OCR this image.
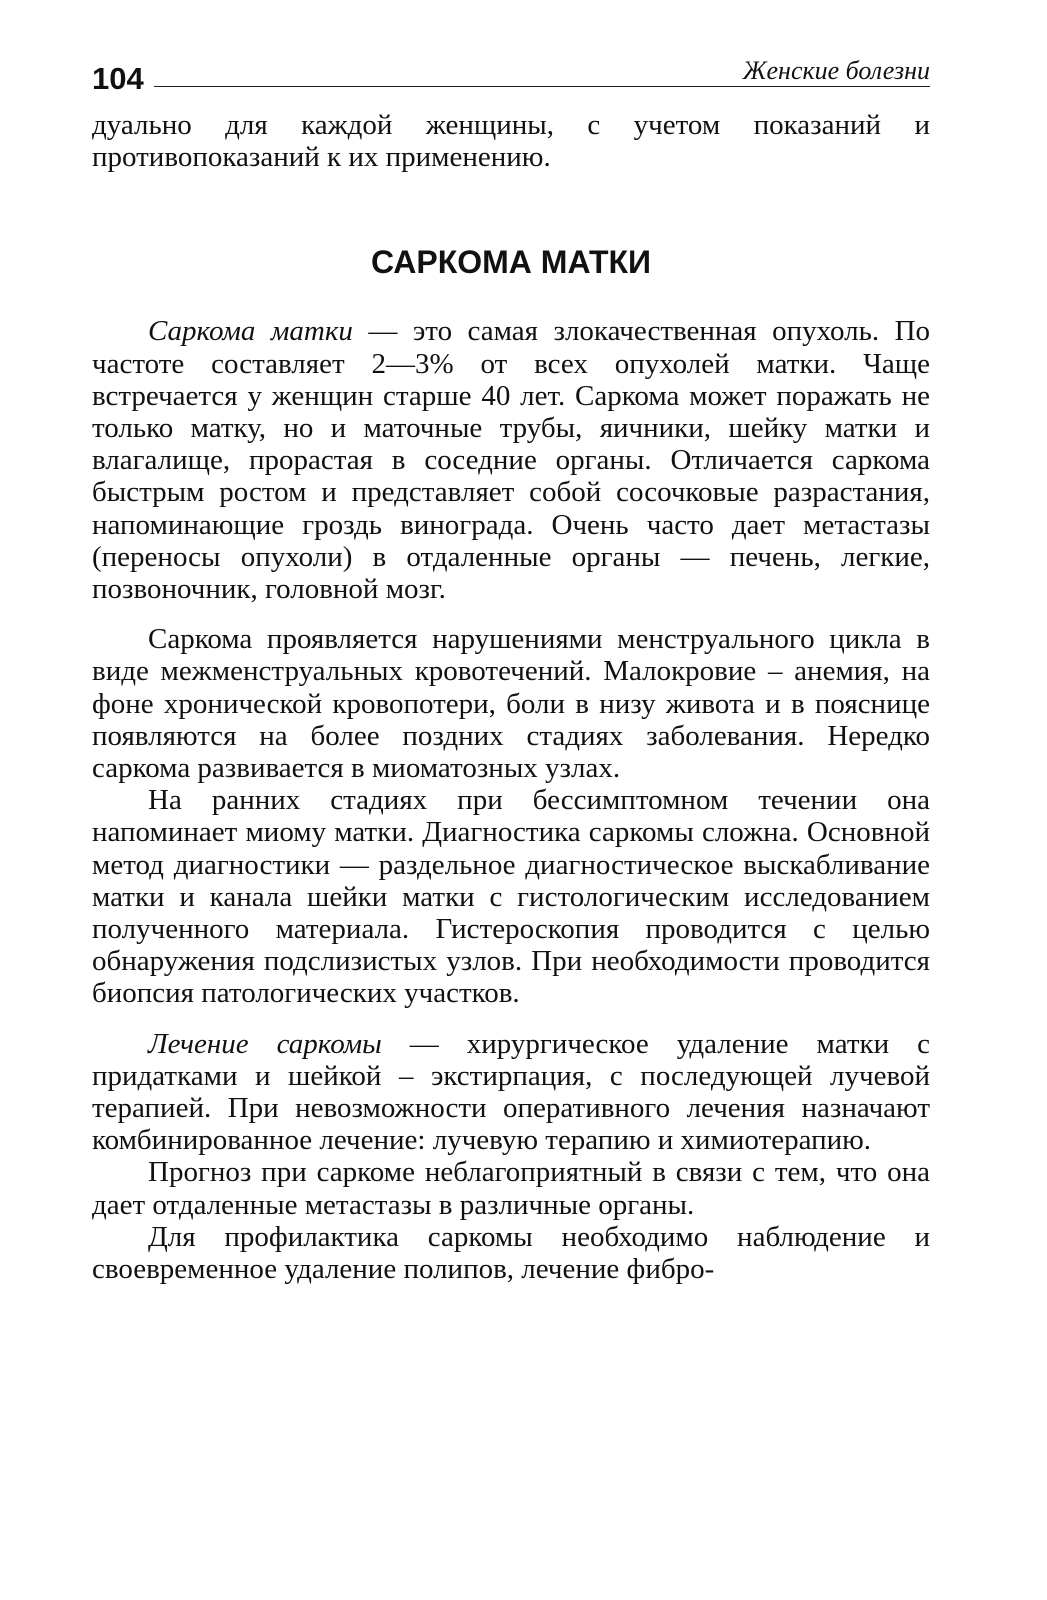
104	Женские болезни

дуально для каждой женщины, с учетом показаний и противопоказаний к их применению.

САРКОМА МАТКИ

Саркома матки — это самая злокачественная опухоль. По частоте составляет 2—3% от всех опухолей матки. Чаще встречается у женщин старше 40 лет. Саркома может поражать не только матку, но и маточные трубы, яичники, шейку матки и влагалище, прорастая в соседние органы. Отличается саркома быстрым ростом и представляет собой сосочковые разрастания, напоминающие гроздь винограда. Очень часто дает метастазы (переносы опухоли) в отдаленные органы — печень, легкие, позвоночник, головной мозг.

Саркома проявляется нарушениями менструального цикла в виде межменструальных кровотечений. Малокровие – анемия, на фоне хронической кровопотери, боли в низу живота и в пояснице появляются на более поздних стадиях заболевания. Нередко саркома развивается в миоматозных узлах.

На ранних стадиях при бессимптомном течении она напоминает миому матки. Диагностика саркомы сложна. Основной метод диагностики — раздельное диагностическое выскабливание матки и канала шейки матки с гистологическим исследованием полученного материала. Гистероскопия проводится с целью обнаружения подслизистых узлов. При необходимости проводится биопсия патологических участков.

Лечение саркомы — хирургическое удаление матки с придатками и шейкой – экстирпация, с последующей лучевой терапией. При невозможности оперативного лечения назначают комбинированное лечение: лучевую терапию и химиотерапию.

Прогноз при саркоме неблагоприятный в связи с тем, что она дает отдаленные метастазы в различные органы.

Для профилактика саркомы необходимо наблюдение и своевременное удаление полипов, лечение фибро-
